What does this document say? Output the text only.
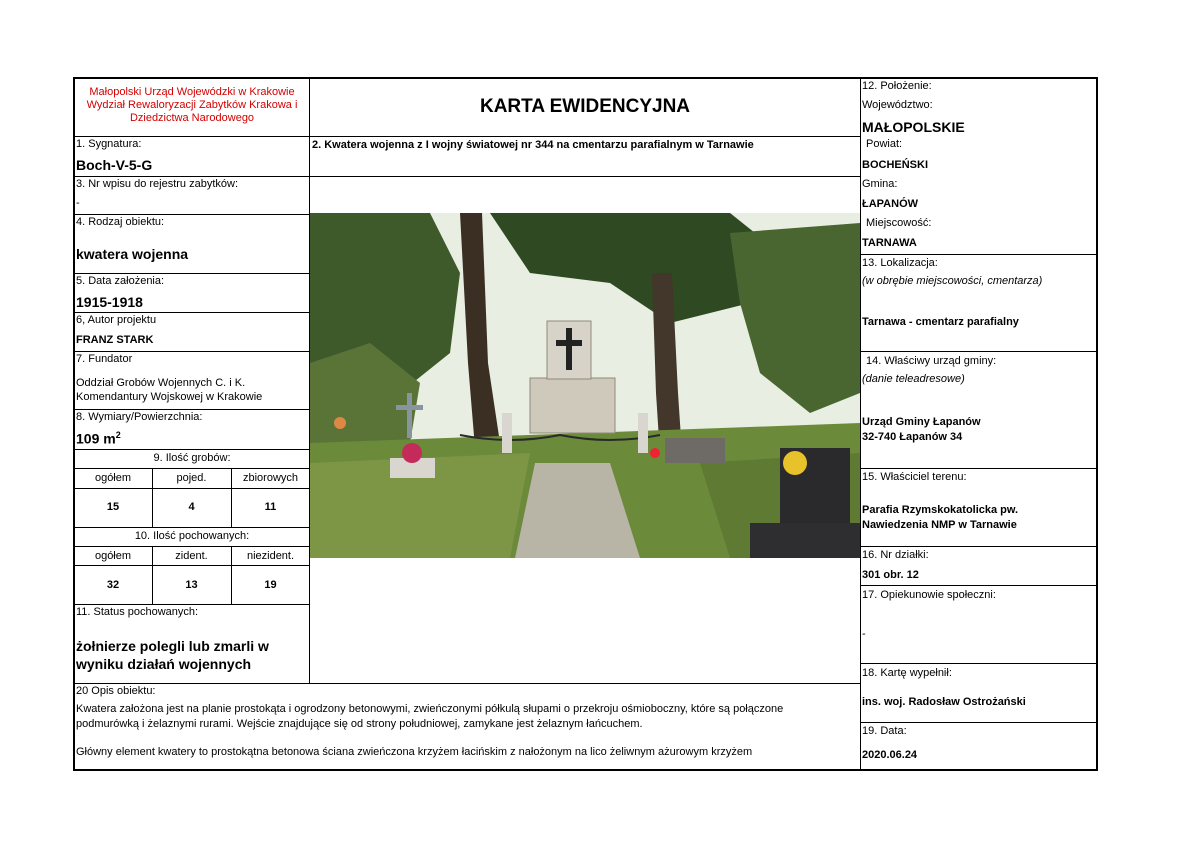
Małopolski Urząd Wojewódzki w Krakowie
Wydział Rewaloryzacji Zabytków Krakowa i
Dziedzictwa Narodowego
KARTA EWIDENCYJNA
1. Sygnatura:
Boch-V-5-G
3. Nr wpisu do rejestru zabytków:
-
4. Rodzaj obiektu:
kwatera wojenna
5. Data założenia:
1915-1918
6, Autor projektu
FRANZ STARK
7. Fundator
Oddział Grobów Wojennych C. i K.
Komendantury Wojskowej w Krakowie
8. Wymiary/Powierzchnia:
109 $m^2$
9. Ilość grobów:
ogółem	pojed.	zbiorowych
15	4	11
10. Ilość pochowanych:
ogółem	zident.	niezident.
32	13	19
11. Status pochowanych:
żołnierze polegli lub zmarli w
wyniku działań wojennych
2. Kwatera wojenna z I wojny światowej nr 344 na cmentarzu parafialnym w Tarnawie
12. Położenie:
Województwo:
MAŁOPOLSKIE
Powiat:
BOCHEŃSKI
Gmina:
ŁAPANÓW
Miejscowość:
TARNAWA
13. Lokalizacja:
(w obrębie miejscowości, cmentarza)
Tarnawa - cmentarz parafialny
14. Właściwy urząd gminy:
(danie teleadresowe)
Urząd Gminy Łapanów
32-740 Łapanów 34
15. Właściciel terenu:
Parafia Rzymskokatolicka pw.
Nawiedzenia NMP w Tarnawie
16. Nr działki:
301 obr. 12
17. Opiekunowie społeczni:
-
18. Kartę wypełnił:
ins. woj. Radosław Ostrożański
19. Data:
2020.06.24
20 Opis obiektu:
Kwatera założona jest na planie prostokąta i ogrodzony betonowymi, zwieńczonymi półkulą słupami o przekroju ośmioboczny, które są połączone podmurówką i żelaznymi rurami. Wejście znajdujące się od strony południowej, zamykane jest żelaznym łańcuchem.
Główny element kwatery to prostokątna betonowa ściana zwieńczona krzyżem łacińskim z nałożonym na lico żeliwnym ażurowym krzyżem
